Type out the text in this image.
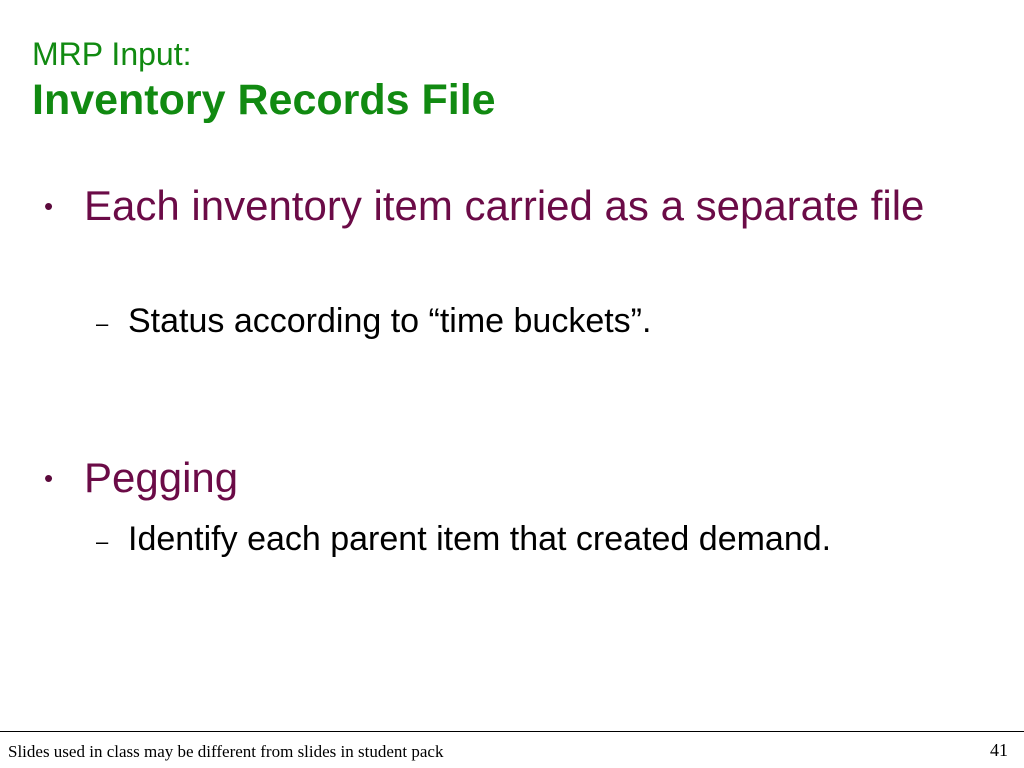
MRP Input:
Inventory Records File
• Each inventory item carried as a separate file
– Status according to “time buckets”.
• Pegging
– Identify each parent item that created demand.
Slides used in class may be different from slides in student pack	41
